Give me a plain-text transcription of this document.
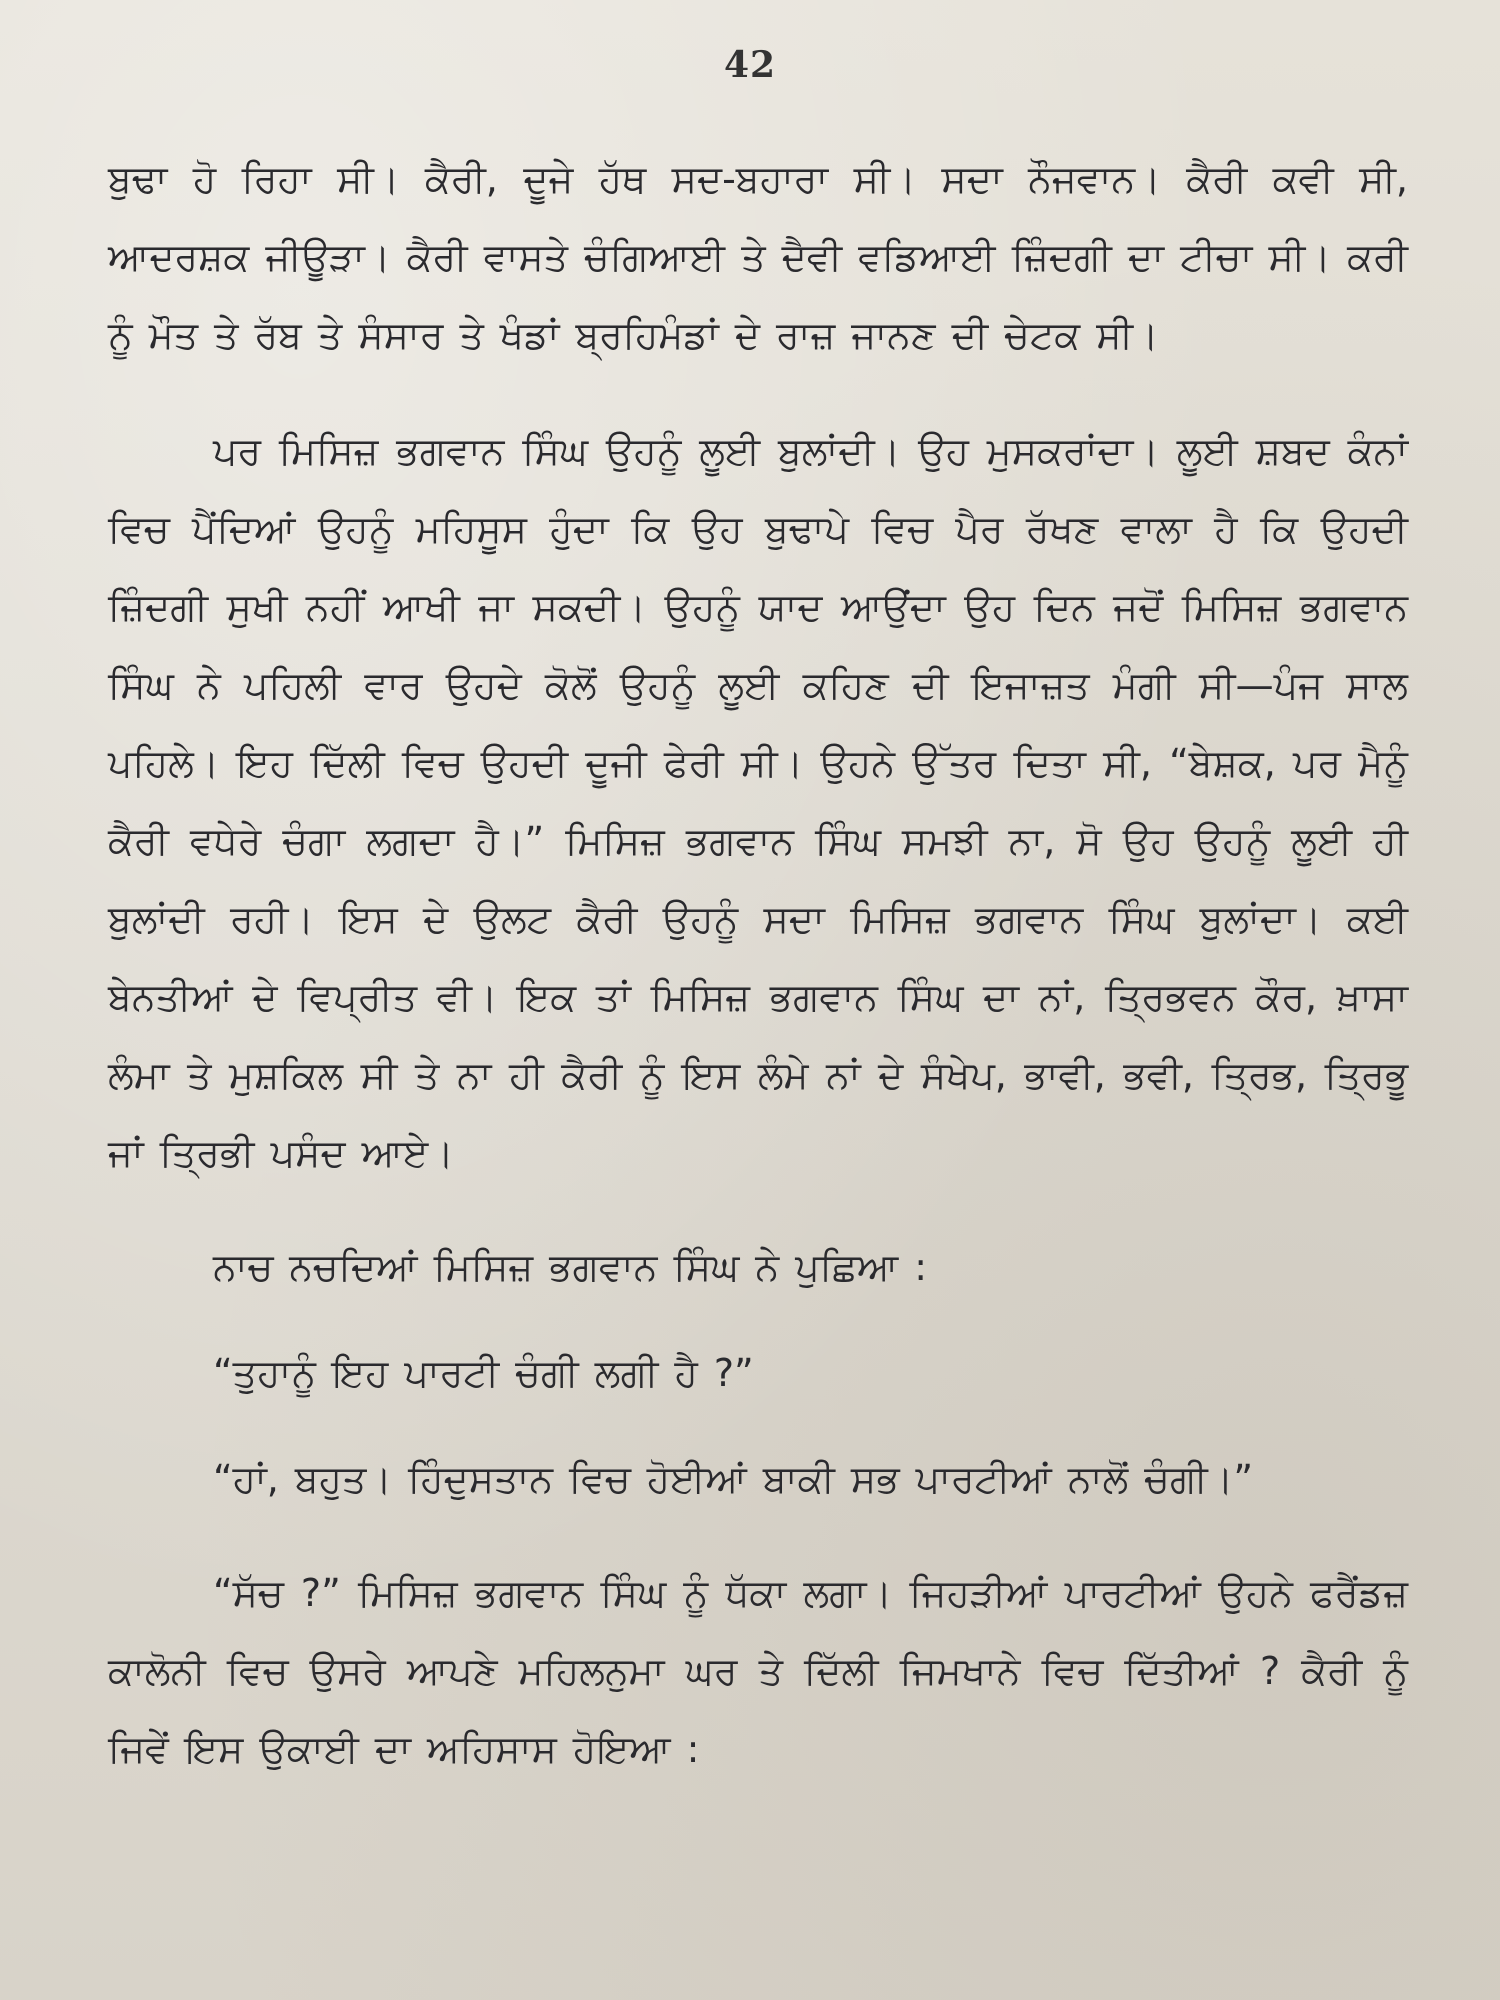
42

ਬੁਢਾ ਹੋ ਰਿਹਾ ਸੀ। ਕੈਰੀ, ਦੂਜੇ ਹੱਥ ਸਦ-ਬਹਾਰਾ ਸੀ। ਸਦਾ ਨੌਜਵਾਨ। ਕੈਰੀ ਕਵੀ ਸੀ, ਆਦਰਸ਼ਕ ਜੀਊੜਾ। ਕੈਰੀ ਵਾਸਤੇ ਚੰਗਿਆਈ ਤੇ ਦੈਵੀ ਵਡਿਆਈ ਜ਼ਿੰਦਗੀ ਦਾ ਟੀਚਾ ਸੀ। ਕਰੀ ਨੂੰ ਮੌਤ ਤੇ ਰੱਬ ਤੇ ਸੰਸਾਰ ਤੇ ਖੰਡਾਂ ਬ੍ਰਹਿਮੰਡਾਂ ਦੇ ਰਾਜ਼ ਜਾਨਣ ਦੀ ਚੇਟਕ ਸੀ।

ਪਰ ਮਿਸਿਜ਼ ਭਗਵਾਨ ਸਿੰਘ ਉਹਨੂੰ ਲੂਈ ਬੁਲਾਂਦੀ। ਉਹ ਮੁਸਕਰਾਂਦਾ। ਲੂਈ ਸ਼ਬਦ ਕੰਨਾਂ ਵਿਚ ਪੈਂਦਿਆਂ ਉਹਨੂੰ ਮਹਿਸੂਸ ਹੁੰਦਾ ਕਿ ਉਹ ਬੁਢਾਪੇ ਵਿਚ ਪੈਰ ਰੱਖਣ ਵਾਲਾ ਹੈ ਕਿ ਉਹਦੀ ਜ਼ਿੰਦਗੀ ਸੁਖੀ ਨਹੀਂ ਆਖੀ ਜਾ ਸਕਦੀ। ਉਹਨੂੰ ਯਾਦ ਆਉਂਦਾ ਉਹ ਦਿਨ ਜਦੋਂ ਮਿਸਿਜ਼ ਭਗਵਾਨ ਸਿੰਘ ਨੇ ਪਹਿਲੀ ਵਾਰ ਉਹਦੇ ਕੋਲੋਂ ਉਹਨੂੰ ਲੂਈ ਕਹਿਣ ਦੀ ਇਜਾਜ਼ਤ ਮੰਗੀ ਸੀ—ਪੰਜ ਸਾਲ ਪਹਿਲੇ। ਇਹ ਦਿੱਲੀ ਵਿਚ ਉਹਦੀ ਦੂਜੀ ਫੇਰੀ ਸੀ। ਉਹਨੇ ਉੱਤਰ ਦਿਤਾ ਸੀ, “ਬੇਸ਼ਕ, ਪਰ ਮੈਨੂੰ ਕੈਰੀ ਵਧੇਰੇ ਚੰਗਾ ਲਗਦਾ ਹੈ।” ਮਿਸਿਜ਼ ਭਗਵਾਨ ਸਿੰਘ ਸਮਝੀ ਨਾ, ਸੋ ਉਹ ਉਹਨੂੰ ਲੂਈ ਹੀ ਬੁਲਾਂਦੀ ਰਹੀ। ਇਸ ਦੇ ਉਲਟ ਕੈਰੀ ਉਹਨੂੰ ਸਦਾ ਮਿਸਿਜ਼ ਭਗਵਾਨ ਸਿੰਘ ਬੁਲਾਂਦਾ। ਕਈ ਬੇਨਤੀਆਂ ਦੇ ਵਿਪ੍ਰੀਤ ਵੀ। ਇਕ ਤਾਂ ਮਿਸਿਜ਼ ਭਗਵਾਨ ਸਿੰਘ ਦਾ ਨਾਂ, ਤ੍ਰਿਭਵਨ ਕੌਰ, ਖ਼ਾਸਾ ਲੰਮਾ ਤੇ ਮੁਸ਼ਕਿਲ ਸੀ ਤੇ ਨਾ ਹੀ ਕੈਰੀ ਨੂੰ ਇਸ ਲੰਮੇ ਨਾਂ ਦੇ ਸੰਖੇਪ, ਭਾਵੀ, ਭਵੀ, ਤ੍ਰਿਭ, ਤ੍ਰਿਭੂ ਜਾਂ ਤ੍ਰਿਭੀ ਪਸੰਦ ਆਏ।

ਨਾਚ ਨਚਦਿਆਂ ਮਿਸਿਜ਼ ਭਗਵਾਨ ਸਿੰਘ ਨੇ ਪੁਛਿਆ :

“ਤੁਹਾਨੂੰ ਇਹ ਪਾਰਟੀ ਚੰਗੀ ਲਗੀ ਹੈ ?”

“ਹਾਂ, ਬਹੁਤ। ਹਿੰਦੁਸਤਾਨ ਵਿਚ ਹੋਈਆਂ ਬਾਕੀ ਸਭ ਪਾਰਟੀਆਂ ਨਾਲੋਂ ਚੰਗੀ।”

“ਸੱਚ ?” ਮਿਸਿਜ਼ ਭਗਵਾਨ ਸਿੰਘ ਨੂੰ ਧੱਕਾ ਲਗਾ। ਜਿਹੜੀਆਂ ਪਾਰਟੀਆਂ ਉਹਨੇ ਫਰੈਂਡਜ਼ ਕਾਲੋਨੀ ਵਿਚ ਉਸਰੇ ਆਪਣੇ ਮਹਿਲਨੁਮਾ ਘਰ ਤੇ ਦਿੱਲੀ ਜਿਮਖਾਨੇ ਵਿਚ ਦਿੱਤੀਆਂ ? ਕੈਰੀ ਨੂੰ ਜਿਵੇਂ ਇਸ ਉਕਾਈ ਦਾ ਅਹਿਸਾਸ ਹੋਇਆ :
